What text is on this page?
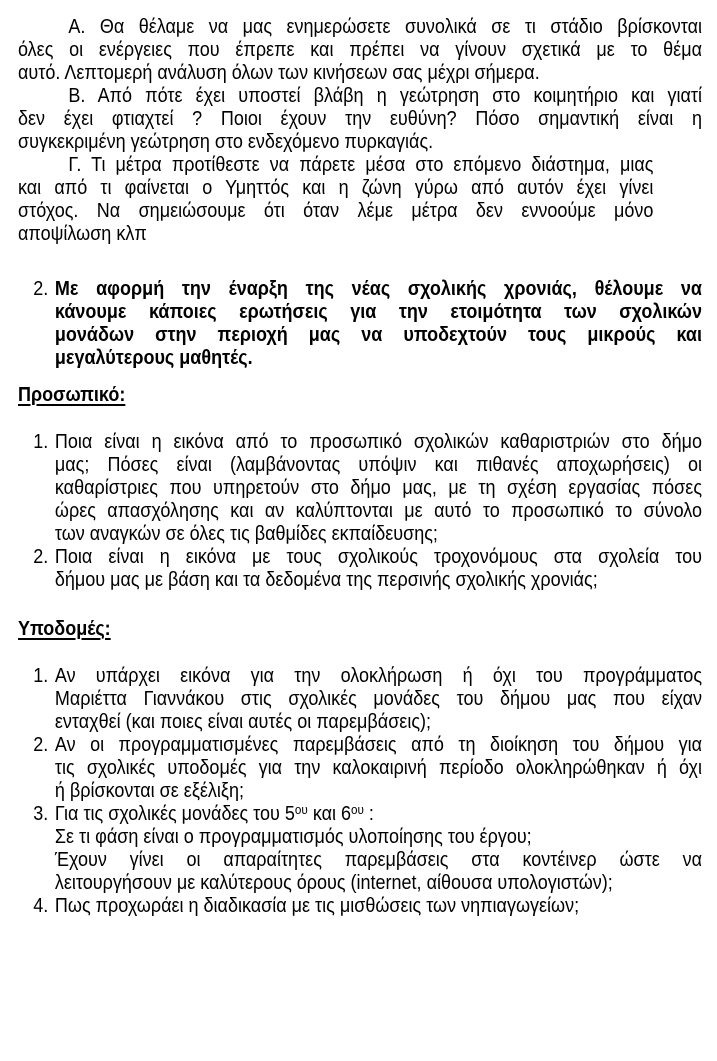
Α. Θα θέλαμε να μας ενημερώσετε συνολικά σε τι στάδιο βρίσκονται
όλες οι ενέργειες που έπρεπε και πρέπει να γίνουν σχετικά με το θέμα
αυτό. Λεπτομερή ανάλυση όλων των κινήσεων σας μέχρι σήμερα.
Β. Από πότε έχει υποστεί βλάβη η γεώτρηση στο κοιμητήριο και γιατί
δεν έχει φτιαχτεί ? Ποιοι έχουν την ευθύνη? Πόσο σημαντική είναι η
συγκεκριμένη γεώτρηση στο ενδεχόμενο πυρκαγιάς.
Γ. Τι μέτρα προτίθεστε να πάρετε μέσα στο επόμενο διάστημα, μιας
και από τι φαίνεται ο Υμηττός και η ζώνη γύρω από αυτόν έχει γίνει
στόχος. Να σημειώσουμε ότι όταν λέμε μέτρα δεν εννοούμε μόνο
αποψίλωση κλπ
2. Με αφορμή την έναρξη της νέας σχολικής χρονιάς, θέλουμε να
κάνουμε κάποιες ερωτήσεις για την ετοιμότητα των σχολικών
μονάδων στην περιοχή μας να υποδεχτούν τους μικρούς και
μεγαλύτερους μαθητές.
Προσωπικό:
1. Ποια είναι η εικόνα από το προσωπικό σχολικών καθαριστριών στο δήμο
μας; Πόσες είναι (λαμβάνοντας υπόψιν και πιθανές αποχωρήσεις) οι
καθαρίστριες που υπηρετούν στο δήμο μας, με τη σχέση εργασίας πόσες
ώρες απασχόλησης και αν καλύπτονται με αυτό το προσωπικό το σύνολο
των αναγκών σε όλες τις βαθμίδες εκπαίδευσης;
2. Ποια είναι η εικόνα με τους σχολικούς τροχονόμους στα σχολεία του
δήμου μας με βάση και τα δεδομένα της περσινής σχολικής χρονιάς;
Υποδομές:
1. Αν υπάρχει εικόνα για την ολοκλήρωση ή όχι του προγράμματος
Μαριέττα Γιαννάκου στις σχολικές μονάδες του δήμου μας που είχαν
ενταχθεί (και ποιες είναι αυτές οι παρεμβάσεις);
2. Αν οι προγραμματισμένες παρεμβάσεις από τη διοίκηση του δήμου για
τις σχολικές υποδομές για την καλοκαιρινή περίοδο ολοκληρώθηκαν ή όχι
ή βρίσκονται σε εξέλιξη;
3. Για τις σχολικές μονάδες του $5^{o\upsilon}$ και $6^{o\upsilon}$ :
Σε τι φάση είναι ο προγραμματισμός υλοποίησης του έργου;
Έχουν γίνει οι απαραίτητες παρεμβάσεις στα κοντέινερ ώστε να
λειτουργήσουν με καλύτερους όρους (internet, αίθουσα υπολογιστών);
4. Πως προχωράει η διαδικασία με τις μισθώσεις των νηπιαγωγείων;
